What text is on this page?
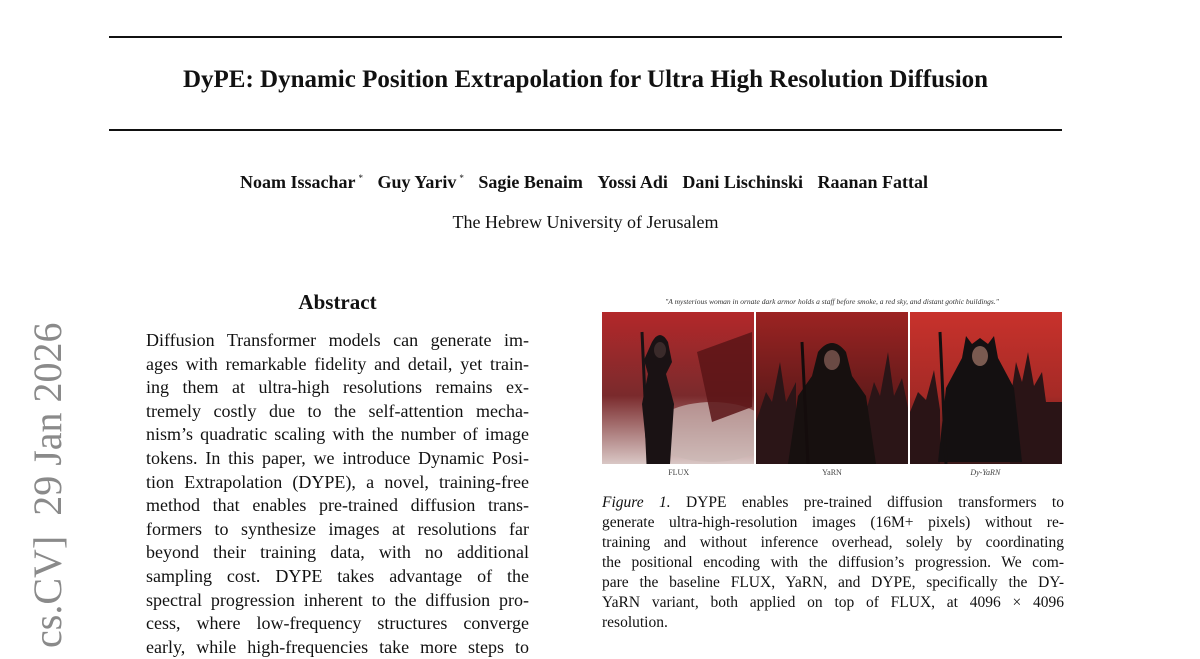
DyPE: Dynamic Position Extrapolation for Ultra High Resolution Diffusion
Noam Issachar * Guy Yariv * Sagie Benaim Yossi Adi Dani Lischinski Raanan Fattal
The Hebrew University of Jerusalem
cs.CV]  29 Jan 2026
Abstract
Diffusion Transformer models can generate im-
ages with remarkable fidelity and detail, yet train-
ing them at ultra-high resolutions remains ex-
tremely costly due to the self-attention mecha-
nism’s quadratic scaling with the number of image
tokens. In this paper, we introduce Dynamic Posi-
tion Extrapolation (DYPE), a novel, training-free
method that enables pre-trained diffusion trans-
formers to synthesize images at resolutions far
beyond their training data, with no additional
sampling cost. DYPE takes advantage of the
spectral progression inherent to the diffusion pro-
cess, where low-frequency structures converge
early, while high-frequencies take more steps to
"A mysterious woman in ornate dark armor holds a staff before smoke, a red sky, and distant gothic buildings."
FLUX	YaRN	Dy-YaRN
Figure 1. DYPE enables pre-trained diffusion transformers to
generate ultra-high-resolution images (16M+ pixels) without re-
training and without inference overhead, solely by coordinating
the positional encoding with the diffusion’s progression. We com-
pare the baseline FLUX, YaRN, and DYPE, specifically the DY-
YaRN variant, both applied on top of FLUX, at 4096 × 4096
resolution.
